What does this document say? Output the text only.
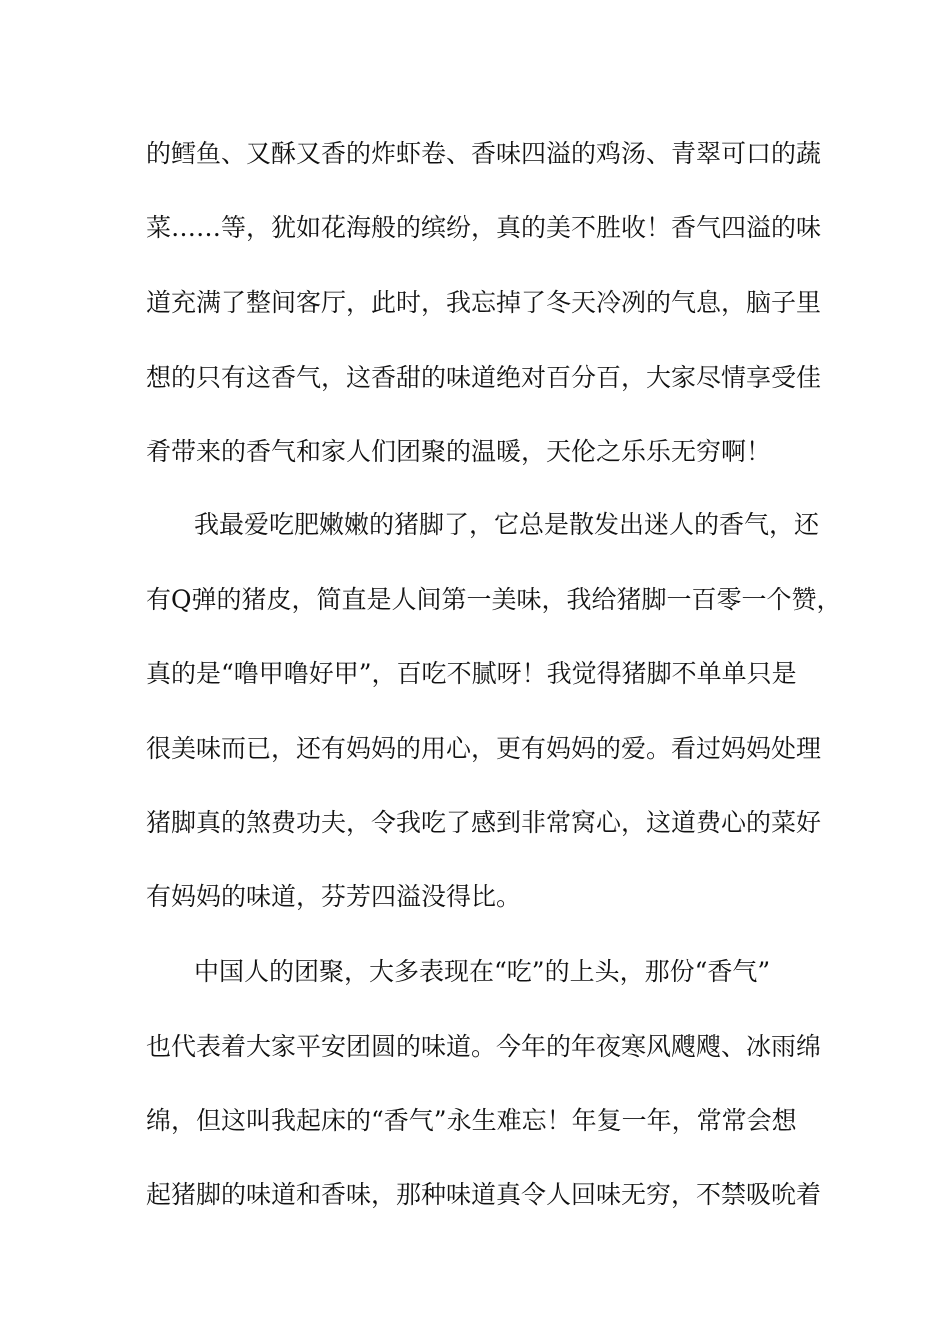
的鳕鱼、又酥又香的炸虾卷、香味四溢的鸡汤、青翠可口的蔬
菜……等，犹如花海般的缤纷，真的美不胜收！香气四溢的味
道充满了整间客厅，此时，我忘掉了冬天冷冽的气息，脑子里
想的只有这香气，这香甜的味道绝对百分百，大家尽情享受佳
肴带来的香气和家人们团聚的温暖，天伦之乐乐无穷啊！
我最爱吃肥嫩嫩的猪脚了，它总是散发出迷人的香气，还
有Q弹的猪皮，简直是人间第一美味，我给猪脚一百零一个赞，
真的是“噜甲噜好甲”，百吃不腻呀！我觉得猪脚不单单只是
很美味而已，还有妈妈的用心，更有妈妈的爱。看过妈妈处理
猪脚真的煞费功夫，令我吃了感到非常窝心，这道费心的菜好
有妈妈的味道，芬芳四溢没得比。
中国人的团聚，大多表现在“吃”的上头，那份“香气”
也代表着大家平安团圆的味道。今年的年夜寒风飕飕、冰雨绵
绵，但这叫我起床的“香气”永生难忘！年复一年，常常会想
起猪脚的味道和香味，那种味道真令人回味无穷，不禁吸吮着
